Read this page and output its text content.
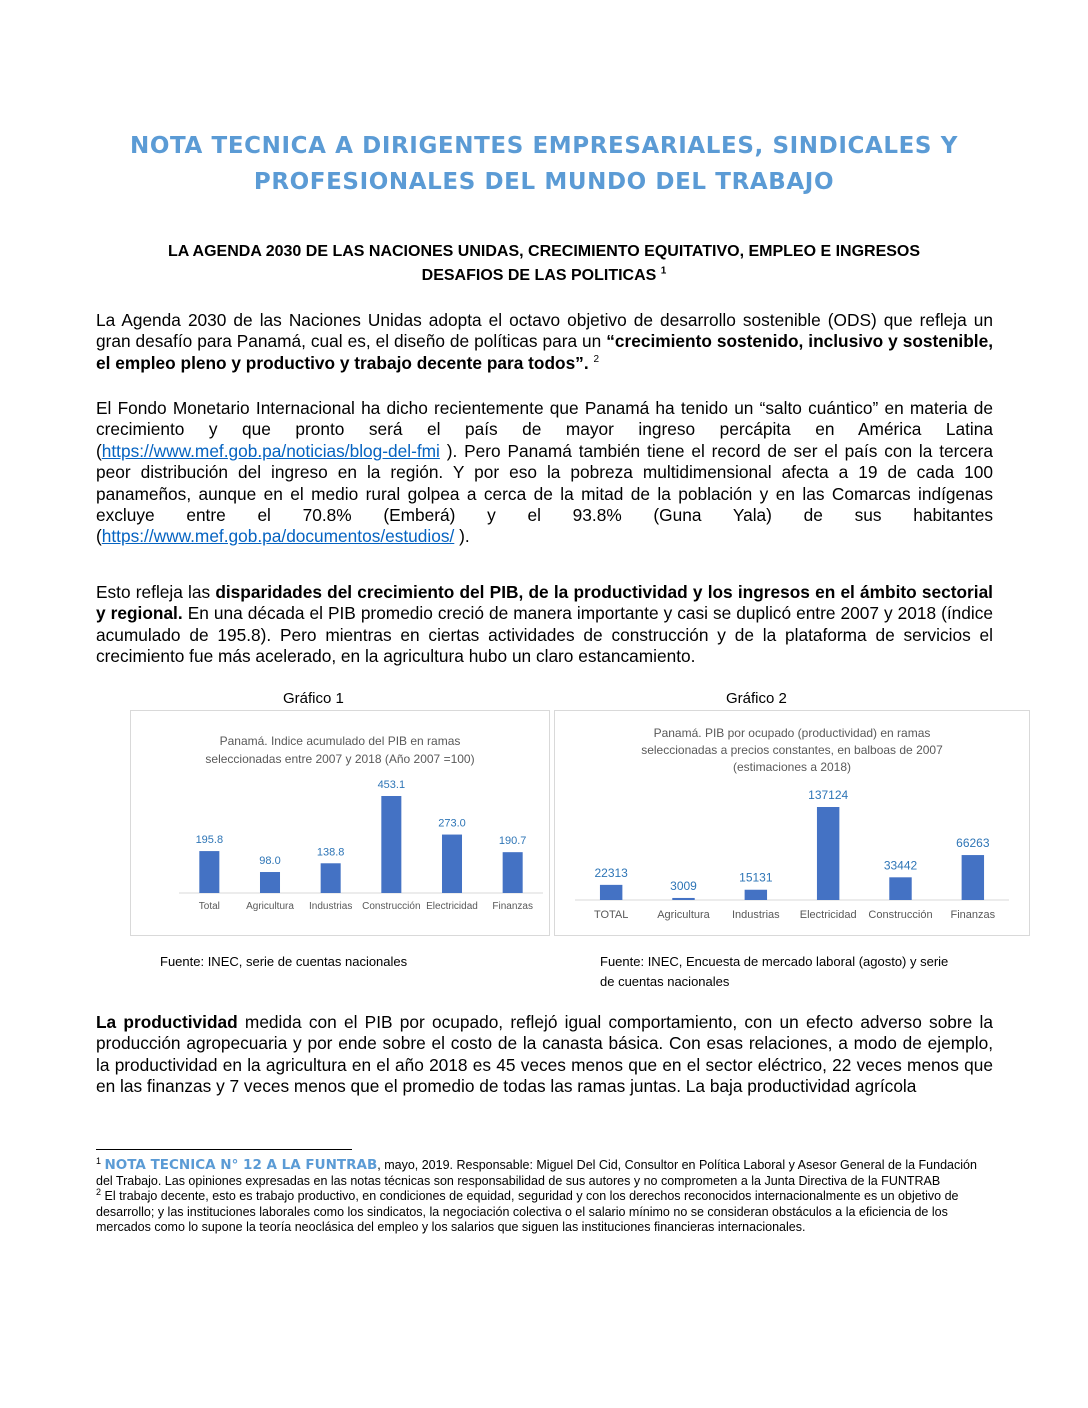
NOTA TECNICA A DIRIGENTES EMPRESARIALES, SINDICALES Y
PROFESIONALES DEL MUNDO DEL TRABAJO
LA AGENDA 2030 DE LAS NACIONES UNIDAS, CRECIMIENTO EQUITATIVO, EMPLEO E INGRESOS
DESAFIOS DE LAS POLITICAS $^1$
La Agenda 2030 de las Naciones Unidas adopta el octavo objetivo de desarrollo sostenible (ODS) que refleja un gran desafío para Panamá, cual es, el diseño de políticas para un “crecimiento sostenido, inclusivo y sostenible, el empleo pleno y productivo y trabajo decente para todos”. $^2$
El Fondo Monetario Internacional ha dicho recientemente que Panamá ha tenido un “salto cuántico” en materia de crecimiento y que pronto será el país de mayor ingreso percápita en América Latina (https://www.mef.gob.pa/noticias/blog-del-fmi ). Pero Panamá también tiene el record de ser el país con la tercera peor distribución del ingreso en la región. Y por eso la pobreza multidimensional afecta a 19 de cada 100 panameños, aunque en el medio rural golpea a cerca de la mitad de la población y en las Comarcas indígenas excluye entre el 70.8% (Emberá) y el 93.8% (Guna Yala) de sus habitantes (https://www.mef.gob.pa/documentos/estudios/ ).
Esto refleja las disparidades del crecimiento del PIB, de la productividad y los ingresos en el ámbito sectorial y regional. En una década el PIB promedio creció de manera importante y casi se duplicó entre 2007 y 2018 (índice acumulado de 195.8). Pero mientras en ciertas actividades de construcción y de la plataforma de servicios el crecimiento fue más acelerado, en la agricultura hubo un claro estancamiento.
Gráfico 1	Gráfico 2
Panamá. Indice acumulado del PIB en ramas
seleccionadas entre 2007 y 2018 (Año 2007 =100)
195.8
Total
98.0
Agricultura
138.8
Industrias
453.1
Construcción
273.0
Electricidad
190.7
Finanzas
Panamá. PIB por ocupado (productividad) en ramas
seleccionadas a precios constantes, en balboas de 2007
(estimaciones a 2018)
22313
TOTAL
3009
Agricultura
15131
Industrias
137124
Electricidad
33442
Construcción
66263
Finanzas
Fuente: INEC, serie de cuentas nacionales	Fuente: INEC, Encuesta de mercado laboral (agosto) y serie
de cuentas nacionales
La productividad medida con el PIB por ocupado, reflejó igual comportamiento, con un efecto adverso sobre la producción agropecuaria y por ende sobre el costo de la canasta básica. Con esas relaciones, a modo de ejemplo, la productividad en la agricultura en el año 2018 es 45 veces menos que en el sector eléctrico, 22 veces menos que en las finanzas y 7 veces menos que el promedio de todas las ramas juntas. La baja productividad agrícola

$^1$ NOTA TECNICA N° 12 A LA FUNTRAB, mayo, 2019. Responsable: Miguel Del Cid, Consultor en Política Laboral y Asesor General de la Fundación del Trabajo. Las opiniones expresadas en las notas técnicas son responsabilidad de sus autores y no comprometen a la Junta Directiva de la FUNTRAB

$^2$ El trabajo decente, esto es trabajo productivo, en condiciones de equidad, seguridad y con los derechos reconocidos internacionalmente es un objetivo de desarrollo; y las instituciones laborales como los sindicatos, la negociación colectiva o el salario mínimo no se consideran obstáculos a la eficiencia de los mercados como lo supone la teoría neoclásica del empleo y los salarios que siguen las instituciones financieras internacionales.
